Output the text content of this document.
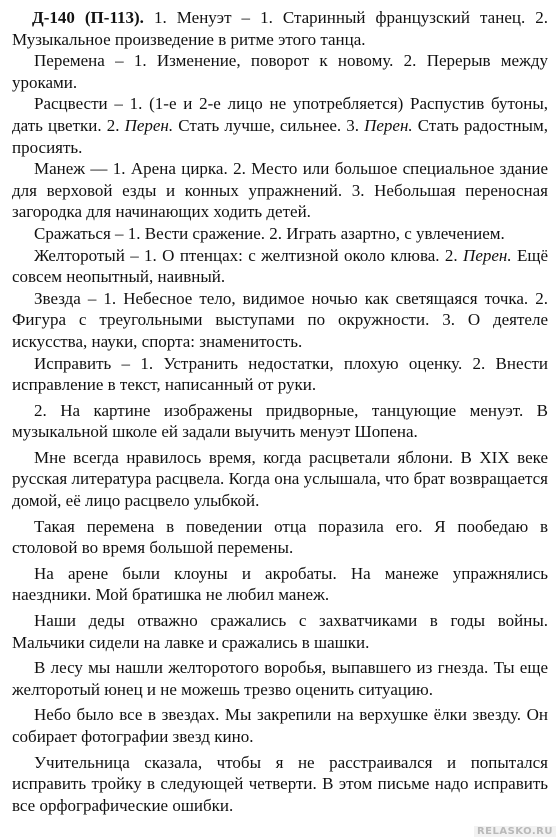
Д-140 (П-113). 1. Менуэт – 1. Старинный французский танец. 2. Музыкальное произведение в ритме этого танца.

Перемена – 1. Изменение, поворот к новому. 2. Перерыв между уроками.

Расцвести – 1. (1-е и 2-е лицо не употребляется) Распустив бутоны, дать цветки. 2. Перен. Стать лучше, сильнее. 3. Перен. Стать радостным, просиять.

Манеж — 1. Арена цирка. 2. Место или большое специальное здание для верховой езды и конных упражнений. 3. Небольшая переносная загородка для начинающих ходить детей.

Сражаться – 1. Вести сражение. 2. Играть азартно, с увлечением.

Желторотый – 1. О птенцах: с желтизной около клюва. 2. Перен. Ещё совсем неопытный, наивный.

Звезда – 1. Небесное тело, видимое ночью как светящаяся точка. 2. Фигура с треугольными выступами по окружности. 3. О деятеле искусства, науки, спорта: знаменитость.

Исправить – 1. Устранить недостатки, плохую оценку. 2. Внести исправление в текст, написанный от руки.

2. На картине изображены придворные, танцующие менуэт. В музыкальной школе ей задали выучить менуэт Шопена.

Мне всегда нравилось время, когда расцветали яблони. В XIX веке русская литература расцвела. Когда она услышала, что брат возвращается домой, её лицо расцвело улыбкой.

Такая перемена в поведении отца поразила его. Я пообедаю в столовой во время большой перемены.

На арене были клоуны и акробаты. На манеже упражнялись наездники. Мой братишка не любил манеж.

Наши деды отважно сражались с захватчиками в годы войны. Мальчики сидели на лавке и сражались в шашки.

В лесу мы нашли желторотого воробья, выпавшего из гнезда. Ты еще желторотый юнец и не можешь трезво оценить ситуацию.

Небо было все в звездах. Мы закрепили на верхушке ёлки звезду. Он собирает фотографии звезд кино.

Учительница сказала, чтобы я не расстраивался и попытался исправить тройку в следующей четверти. В этом письме надо исправить все орфографические ошибки.

RELASKO.RU
